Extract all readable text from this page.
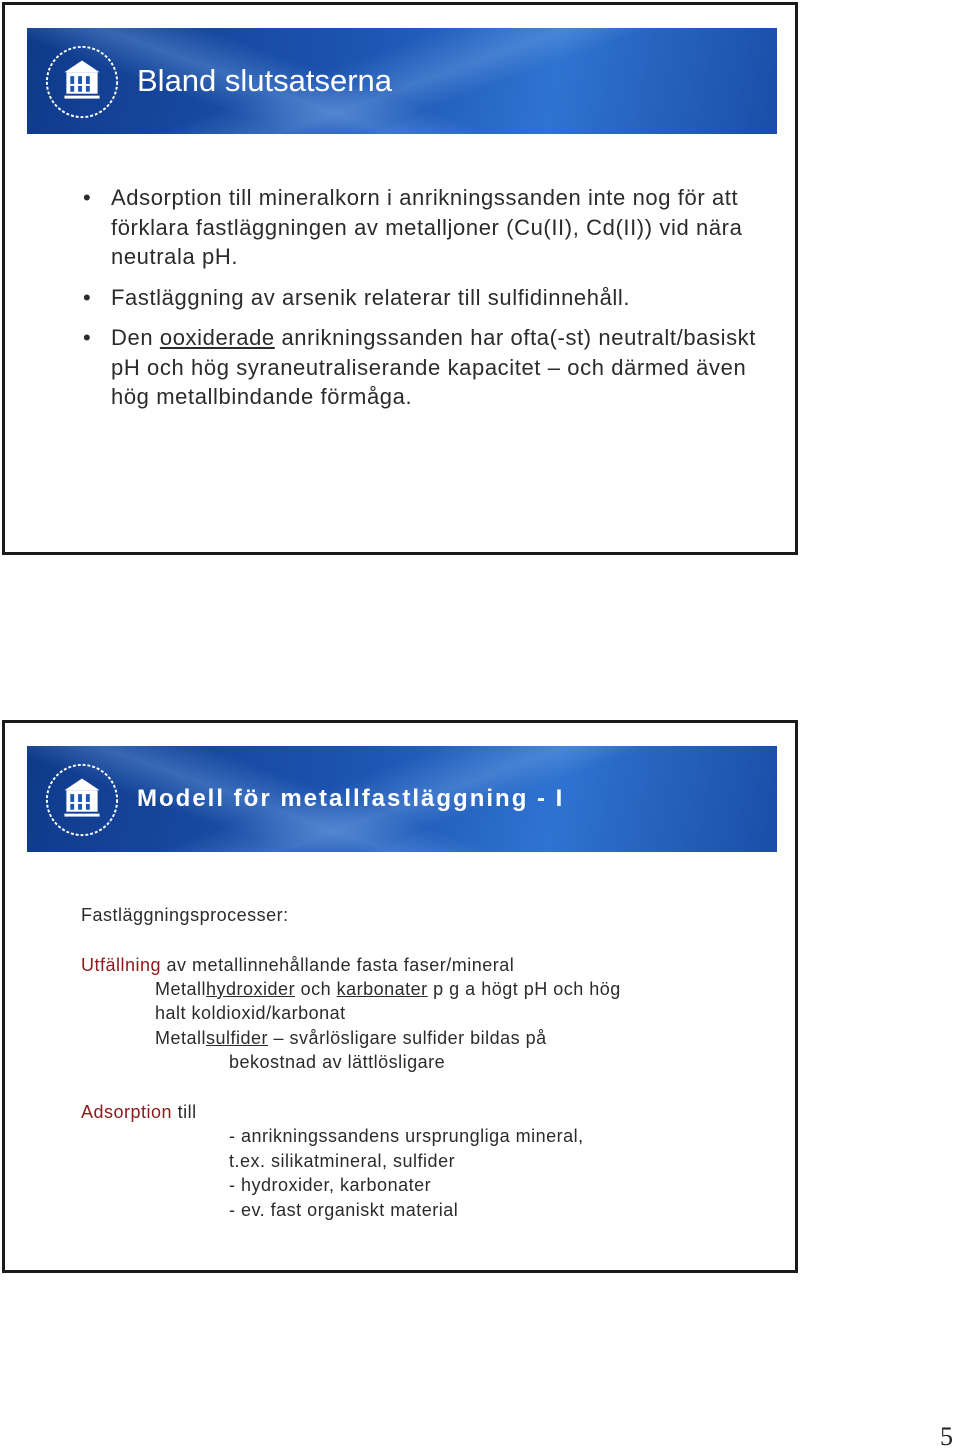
Bland slutsatserna
• Adsorption till mineralkorn i anrikningssanden inte nog för att förklara fastläggningen av metalljoner (Cu(II), Cd(II)) vid nära neutrala pH.
• Fastläggning av arsenik relaterar till sulfidinnehåll.
• Den ooxiderade anrikningssanden har ofta(-st) neutralt/basiskt pH och hög syraneutraliserande kapacitet – och därmed även hög metallbindande förmåga.
Modell för metallfastläggning - I
Fastläggningsprocesser:
Utfällning av metallinnehållande fasta faser/mineral
Metallhydroxider och karbonater p g a högt pH och hög
halt koldioxid/karbonat
Metallsulfider – svårlösligare sulfider bildas på
bekostnad av lättlösligare
Adsorption till
- anrikningssandens ursprungliga mineral,
t.ex. silikatmineral, sulfider
- hydroxider, karbonater
- ev. fast organiskt material
5
